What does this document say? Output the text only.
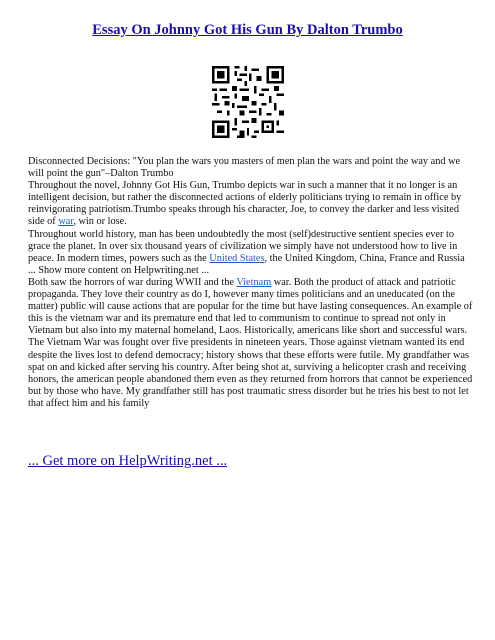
Essay On Johnny Got His Gun By Dalton Trumbo

Disconnected Decisions: "You plan the wars you masters of men plan the wars and point the way and we will point the gun"–Dalton Trumbo

Throughout the novel, Johnny Got His Gun, Trumbo depicts war in such a manner that it no longer is an intelligent decision, but rather the disconnected actions of elderly politicians trying to remain in office by reinvigorating patriotism.Trumbo speaks through his character, Joe, to convey the darker and less visited side of war, win or lose.

Throughout world history, man has been undoubtedly the most (self)destructive sentient species ever to grace the planet. In over six thousand years of civilization we simply have not understood how to live in peace. In modern times, powers such as the United States, the United Kingdom, China, France and Russia ... Show more content on Helpwriting.net ...

Both saw the horrors of war during WWII and the Vietnam war. Both the product of attack and patriotic propaganda. They love their country as do I, however many times politicians and an uneducated (on the matter) public will cause actions that are popular for the time but have lasting consequences. An example of this is the vietnam war and its premature end that led to communism to continue to spread not only in Vietnam but also into my maternal homeland, Laos. Historically, americans like short and successful wars. The Vietnam War was fought over five presidents in nineteen years. Those against vietnam wanted its end despite the lives lost to defend democracy; history shows that these efforts were futile. My grandfather was spat on and kicked after serving his country. After being shot at, surviving a helicopter crash and receiving honors, the american people abandoned them even as they returned from horrors that cannot be experienced but by those who have. My grandfather still has post traumatic stress disorder but he tries his best to not let that affect him and his family

... Get more on HelpWriting.net ...
